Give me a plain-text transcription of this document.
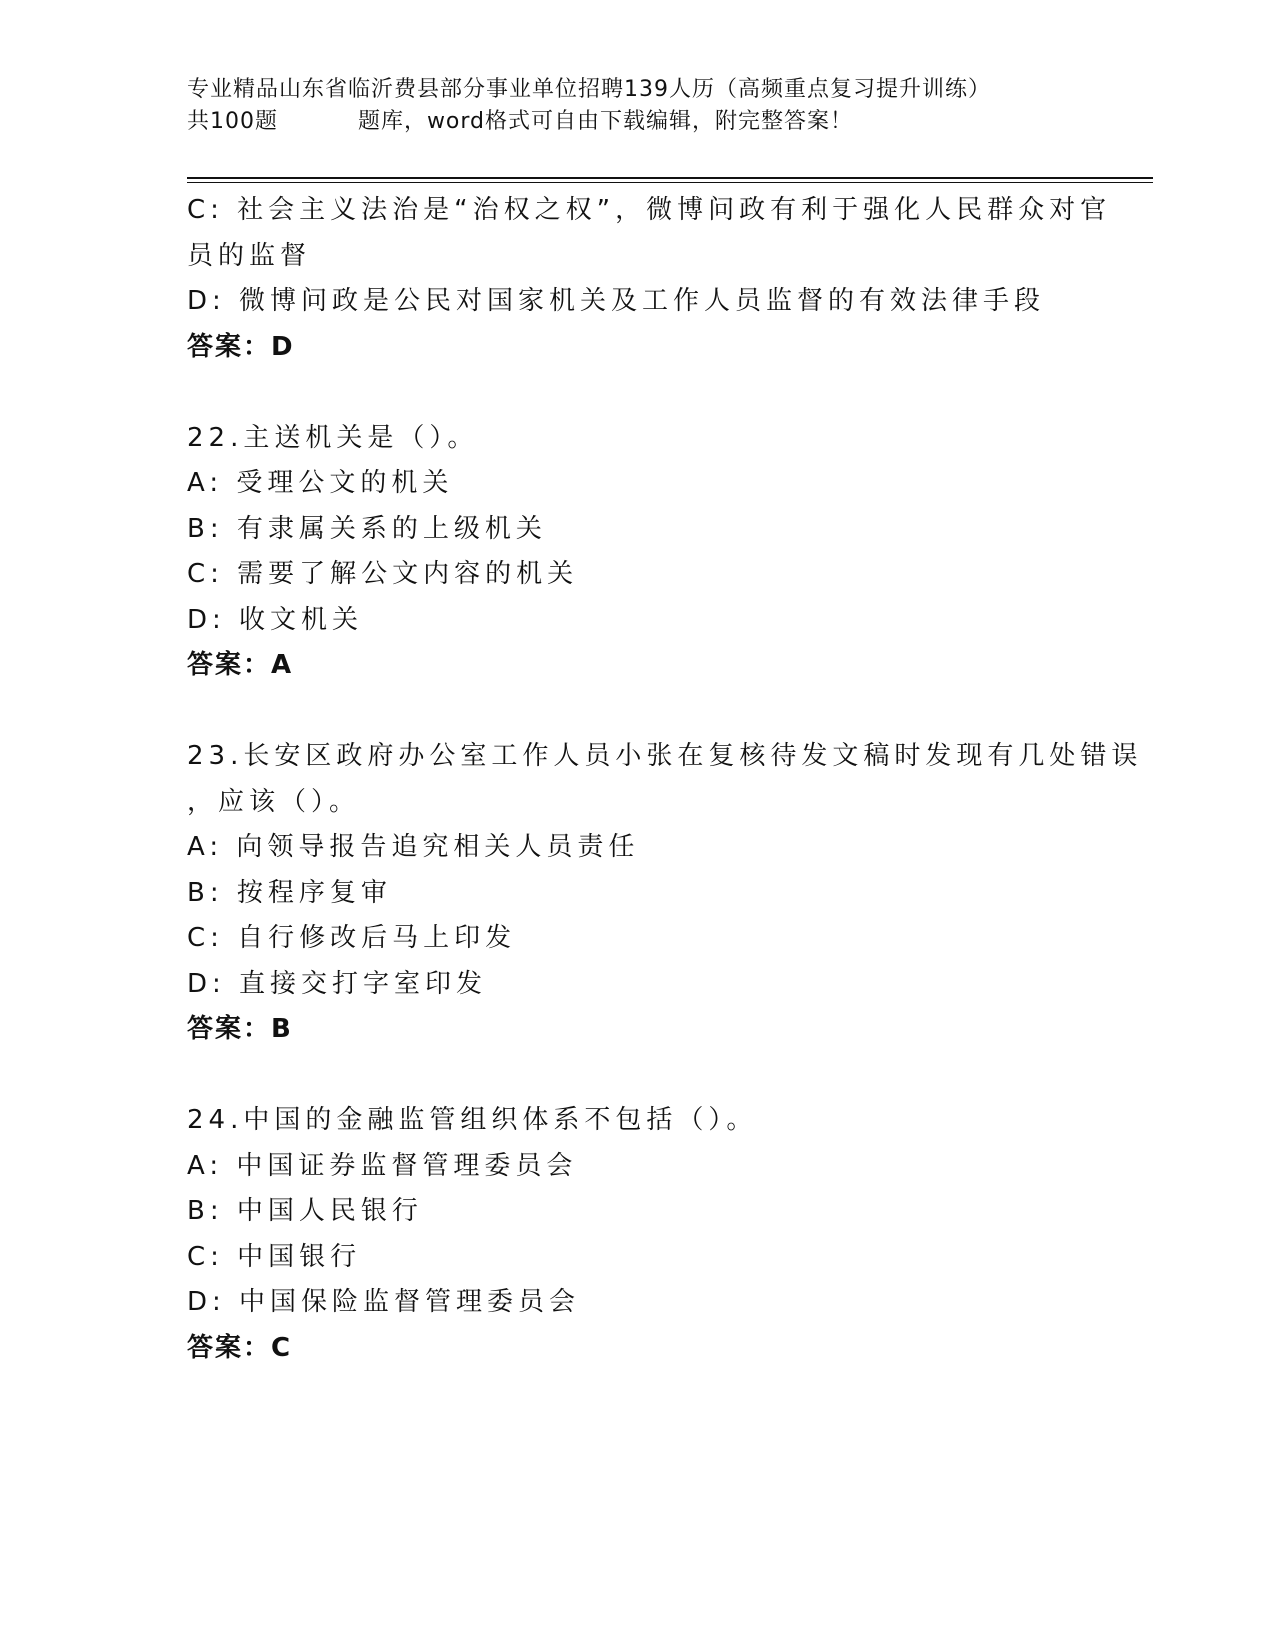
专业精品山东省临沂费县部分事业单位招聘139人历（高频重点复习提升训练）
共100题	题库，word格式可自由下载编辑，附完整答案！
C: 社会主义法治是“治权之权”，微博问政有利于强化人民群众对官
员的监督
D: 微博问政是公民对国家机关及工作人员监督的有效法律手段
答案：D
22.主送机关是（）。
A: 受理公文的机关
B: 有隶属关系的上级机关
C: 需要了解公文内容的机关
D: 收文机关
答案：A
23.长安区政府办公室工作人员小张在复核待发文稿时发现有几处错误
，应该（）。
A: 向领导报告追究相关人员责任
B: 按程序复审
C: 自行修改后马上印发
D: 直接交打字室印发
答案：B
24.中国的金融监管组织体系不包括（）。
A: 中国证券监督管理委员会
B: 中国人民银行
C: 中国银行
D: 中国保险监督管理委员会
答案：C
